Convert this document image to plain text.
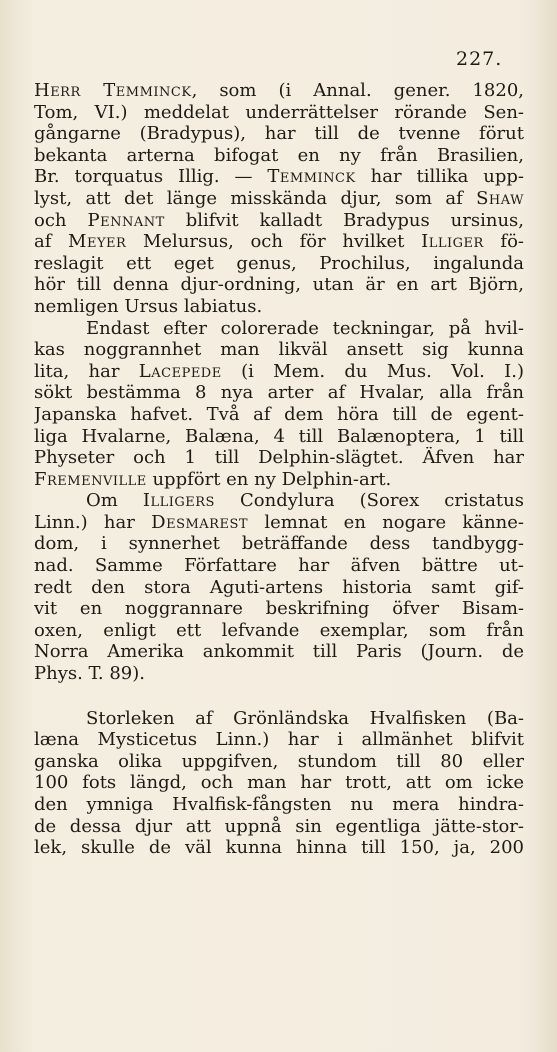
227.
Herr Temminck, som (i Annal. gener. 1820,
Tom, VI.) meddelat underrättelser rörande Sen-
gångarne (Bradypus), har till de tvenne förut
bekanta arterna bifogat en ny från Brasilien,
Br. torquatus Illig. — Temminck har tillika upp-
lyst, att det länge misskända djur, som af Shaw
och Pennant blifvit kalladt Bradypus ursinus,
af Meyer Melursus, och för hvilket Illiger fö-
reslagit ett eget genus, Prochilus, ingalunda
hör till denna djur-ordning, utan är en art Björn,
nemligen Ursus labiatus.
Endast efter colorerade teckningar, på hvil-
kas noggrannhet man likväl ansett sig kunna
lita, har Lacepede (i Mem. du Mus. Vol. I.)
sökt bestämma 8 nya arter af Hvalar, alla från
Japanska hafvet. Två af dem höra till de egent-
liga Hvalarne, Balæna, 4 till Balænoptera, 1 till
Physeter och 1 till Delphin-slägtet. Äfven har
Fremenville uppfört en ny Delphin-art.
Om Illigers Condylura (Sorex cristatus
Linn.) har Desmarest lemnat en nogare känne-
dom, i synnerhet beträffande dess tandbygg-
nad. Samme Författare har äfven bättre ut-
redt den stora Aguti-artens historia samt gif-
vit en noggrannare beskrifning öfver Bisam-
oxen, enligt ett lefvande exemplar, som från
Norra Amerika ankommit till Paris (Journ. de
Phys. T. 89).
Storleken af Grönländska Hvalfisken (Ba-
læna Mysticetus Linn.) har i allmänhet blifvit
ganska olika uppgifven, stundom till 80 eller
100 fots längd, och man har trott, att om icke
den ymniga Hvalfisk-fångsten nu mera hindra-
de dessa djur att uppnå sin egentliga jätte-stor-
lek, skulle de väl kunna hinna till 150, ja, 200
